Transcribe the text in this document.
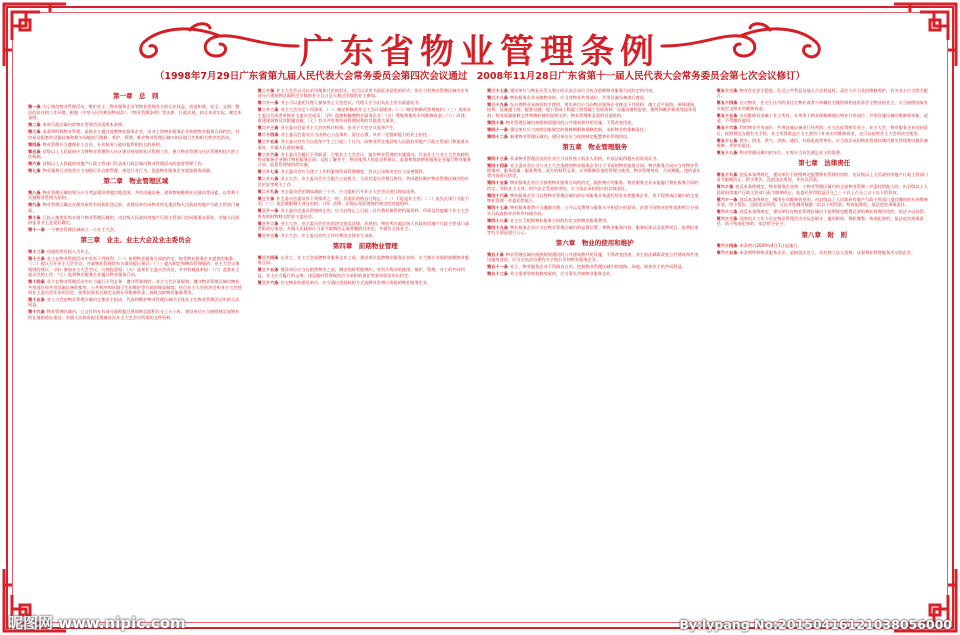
广东省物业管理条例
（1998年7月29日广东省第九届人民代表大会常务委员会第四次会议通过　2008年11月28日广东省第十一届人民代表大会常务委员会第七次会议修订）
第一章　总　则
第一条 为了规范物业管理活动，维护业主、物业服务企业等物业管理各方的合法权益，营造和谐、安全、文明、整洁的居住和工作环境，根据《中华人民共和国物权法》、《物业管理条例》等法律、行政法规，结合本省实际，制定本条例。
第二条 本省行政区域内的物业管理活动适用本条例。
第三条 本条例所称物业管理，是指业主通过选聘物业服务企业，由业主和物业服务企业按照物业服务合同约定，对房屋及配套的设施设备和相关场地进行维修、养护、管理，维护物业管理区域内的环境卫生和相关秩序的活动。
第四条 物业管理应当遵循业主自治、专业服务与政府监管相结合的原则。
第五条 县级以上人民政府应当将物业管理纳入社区建设规划和社区管理工作，建立物业管理与社区管理相结合的工作机制。
第六条 县级以上人民政府房地产行政主管部门负责本行政区域内物业管理活动的监督管理工作。
第七条 物业服务行业协会应当加强行业自律管理，规范行业行为，促进物业服务企业提高服务质量。
第二章　物业管理区域
第八条 物业管理区域的划分应当考虑建设用地宗地范围、共用设施设备、建筑物规模和社区建设等因素，以有利于实施物业管理为原则。
第九条 物业管理区域在办理房屋所有权初始登记前，由建设单位向物业所在地县级人民政府房地产行政主管部门备案。
第十条 已投入使用但尚未划分物业管理区域的，由县级人民政府房地产行政主管部门会同街道办事处、乡镇人民政府征求业主意见后确定。
第十一条 一个物业管理区域成立一个业主大会。
第三章　业主、业主大会及业主委员会
第十二条 房屋的所有权人为业主。
第十三条 业主在物业管理活动中享有下列权利：（一）按照物业服务合同的约定，接受物业服务企业提供的服务；（二）提议召开业主大会会议，并就物业管理的有关事项提出建议；（三）提出制定和修改管理规约、业主大会议事规则的建议；（四）参加业主大会会议，行使投票权；（五）选举业主委员会成员，并享有被选举权；（六）监督业主委员会的工作；（七）监督物业服务企业履行物业服务合同。
第十四条 业主在物业管理活动中应当履行下列义务：遵守管理规约、业主大会议事规则；遵守物业管理区域内物业共用部位和共用设施设备的使用、公共秩序和环境卫生的维护等方面的规章制度；执行业主大会的决定和业主大会授权业主委员会作出的决定；按照国家有关规定交纳专项维修资金；按时交纳物业服务费用。
第十五条 业主大会由物业管理区域内全体业主组成，代表和维护物业管理区域内全体业主在物业管理活动中的合法权益。
第十六条 物业管理区域内，已交付的专有部分面积超过建筑物总面积百分之五十时，建设单位应当按照规定向物业所在地街道办事处、乡镇人民政府报送筹备首次业主大会会议所需的文件资料。
第二十条 业主大会会议可以采用集体讨论的形式，也可以采用书面征求意见的形式；但应当有物业管理区域内专有部分占建筑物总面积过半数的业主且占总人数过半数的业主参加。
第二十一条 业主可以委托代理人参加业主大会会议，代理人应当出具业主的书面委托书。
第二十二条 业主大会决定下列事项：（一）制定和修改业主大会议事规则；（二）制定和修改管理规约；（三）选举业主委员会或者更换业主委员会成员；（四）选聘和解聘物业服务企业；（五）筹集和使用专项维修资金；（六）改建、重建建筑物及其附属设施；（七）有关共有和共同管理权利的其他重大事项。
第二十三条 业主委员会是业主大会的执行机构，由业主大会会议选举产生。
第二十四条 业主委员会委员应当由热心公益事业、责任心强、具有一定组织能力的业主担任。
第二十五条 业主委员会应当自选举产生之日起三十日内，向物业所在地县级人民政府房地产行政主管部门和街道办事处、乡镇人民政府备案。
第二十六条 业主委员会履行下列职责：召集业主大会会议，报告物业管理的实施情况；代表业主与业主大会选聘的物业服务企业签订物业服务合同；及时了解业主、物业使用人的意见和建议，监督和协助物业服务企业履行物业服务合同；监督管理规约的实施。
第二十七条 业主委员会应当建立工作档案和印章管理制度，会议记录和决定应当妥善保管。
第二十八条 业主大会、业主委员会应当配合公安机关，与居民委员会相互协作，共同做好维护物业管理区域内的社会治安等相关工作。
第二十九条 业主委员会任期届满前三个月，应当组织召开业主大会会议进行换届选举。
第三十条 业主委员会委员有下列情形之一的，其委员资格自行终止：（一）不再是业主的；（二）丧失民事行为能力的；（三）依法被限制人身自由的；（四）法律、法规以及管理规约规定的其他情形。
第三十一条 业主委员会委员资格终止的，应当自终止之日起三日内将其保管的档案资料、印章及其他属于业主大会所有的财物移交给业主委员会。
第三十二条 业主大会、业主委员会作出的决定违反法律、法规的，物业所在地县级人民政府房地产行政主管部门或者街道办事处、乡镇人民政府应当责令限期改正或者撤销其决定，并通告全体业主。
第三十三条 业主大会、业主委员会的工作经费由全体业主承担。
第四章　前期物业管理
第三十四条 在业主、业主大会选聘物业服务企业之前，建设单位选聘物业服务企业的，应当签订书面的前期物业服务合同。
第三十五条 建设单位应当在销售物业之前，制定临时管理规约，对有关物业的使用、维护、管理，业主的共同利益，业主应当履行的义务，违反临时管理规约应当承担的责任等事项依法作出约定。
第三十六条 住宅物业的建设单位，应当通过招投标的方式选聘具有相应资质的物业服务企业。
第三十七条 建设单位与物业买受人签订的买卖合同应当包含前期物业服务合同约定的内容。
第三十八条 物业服务企业承接物业时，应当对物业共用部位、共用设施设备进行查验。
第三十九条 在办理物业承接验收手续时，建设单位应当向物业服务企业移交下列资料：竣工总平面图，单体建筑、结构、设备竣工图，配套设施、地下管网工程竣工图等竣工验收资料；设施设备的安装、使用和维护保养等技术资料；物业质量保修文件和物业使用说明文件；物业管理所必需的其他资料。
第四十条 物业管理区域内按照规划建设的公共建筑和共用设施，不得改变用途。
第四十一条 建设单位应当按照国家规定的保修期限和保修范围，承担物业的保修责任。
第四十二条 新建物业管理区域内，建设单位应当按照规定配置物业管理用房。
第五章　物业管理服务
第四十三条 从事物业管理活动的企业应当具有独立的法人资格，并依法取得相应的资质证书。
第四十四条 业主委员会应当与业主大会选聘的物业服务企业订立书面的物业服务合同。物业服务合同应当对物业管理事项、服务质量、服务费用、双方的权利义务、专项维修资金的管理与使用、物业管理用房、合同期限、违约责任等内容进行约定。
第四十五条 物业服务企业应当按照物业服务合同的约定，提供相应的服务。物业服务企业未能履行物业服务合同的约定，导致业主人身、财产安全受到损害的，应当依法承担相应的法律责任。
第四十六条 物业服务企业可以将物业管理区域内的专项服务业务委托给专业性服务企业，但不得将该区域内的全部物业管理一并委托给他人。
第四十七条 物业服务收费应当遵循合理、公开以及费用与服务水平相适应的原则，区别不同物业的性质和特点分别实行政府指导价和市场调节价。
第四十八条 业主应当根据物业服务合同的约定交纳物业服务费用。
第四十九条 物业服务企业应当在物业管理区域内的显著位置，将物业服务内容、服务标准以及收费项目、收费标准等有关情况进行公示。
第六章　物业的使用和维护
第五十条 物业管理区域内按照规划建设的公共建筑和共用设施，不得改变用途。业主依法确需改变公共建筑和共用设施用途的，应当在依法办理有关手续后告知物业服务企业。
第五十一条 业主、物业服务企业不得擅自占用、挖掘物业管理区域内的道路、场地，损害业主的共同利益。
第五十二条 业主需要装饰装修房屋的，应当事先告知物业服务企业。
第五十三条 物业存在安全隐患，危及公共利益及他人合法权益时，责任人应当及时维修养护，有关业主应当给予配合。
第五十四条 住宅物业、住宅小区内的非住宅物业或者与单幢住宅楼结构相连的非住宅物业的业主，应当按照国家有关规定交纳专项维修资金。
第五十五条 专项维修资金属于业主所有，专项用于物业保修期满后物业共用部位、共用设施设备的维修和更新、改造，不得挪作他用。
第五十六条 利用物业共用部位、共用设施设备进行经营的，应当在征得相关业主、业主大会、物业服务企业的同意后，按照规定办理有关手续。业主所得收益应当主要用于补充专项维修资金，也可以按照业主大会的决定使用。
第五十七条 供水、供电、供气、供热、通信、有线电视等单位，应当依法承担物业管理区域内相关管线和设施设备维修、养护的责任。
第五十八条 物业管理区域内的车位、车库应当首先满足业主的需要。
第七章　法律责任
第五十九条 违反本条例规定，建设单位不按照规定配置物业管理用房的，由县级以上人民政府房地产行政主管部门责令限期改正，给予警告，没收违法所得，并处以罚款。
第六十条 违反本条例规定，物业服务企业将一个物业管理区域内的全部物业管理一并委托给他人的，由县级以上人民政府房地产行政主管部门责令限期改正，处委托所得收益百分之三十以上百分之五十以下的罚款。
第六十一条 违反本条例规定，挪用专项维修资金的，由县级以上人民政府房地产行政主管部门追回挪用的专项维修资金，给予警告，没收违法所得，可以并处挪用数额二倍以下的罚款；构成犯罪的，依法追究刑事责任。
第六十二条 违反本条例规定，建设单位在物业管理区域内不按照规定配置必要的物业管理用房的，依法予以处罚。
第六十三条 国家机关工作人员在物业管理活动中玩忽职守、滥用职权、徇私舞弊，构成犯罪的，依法追究刑事责任；尚不构成犯罪的，依法给予处分。
第八章　附　则
第六十四条 本条例自2009年4月1日起施行。
第六十五条 本条例所称物业服务企业，是指依法设立、具有独立法人资格，从事物业管理服务活动的企业。
昵图网 www.nipic.com	By:lypang No:20150416121038056000
